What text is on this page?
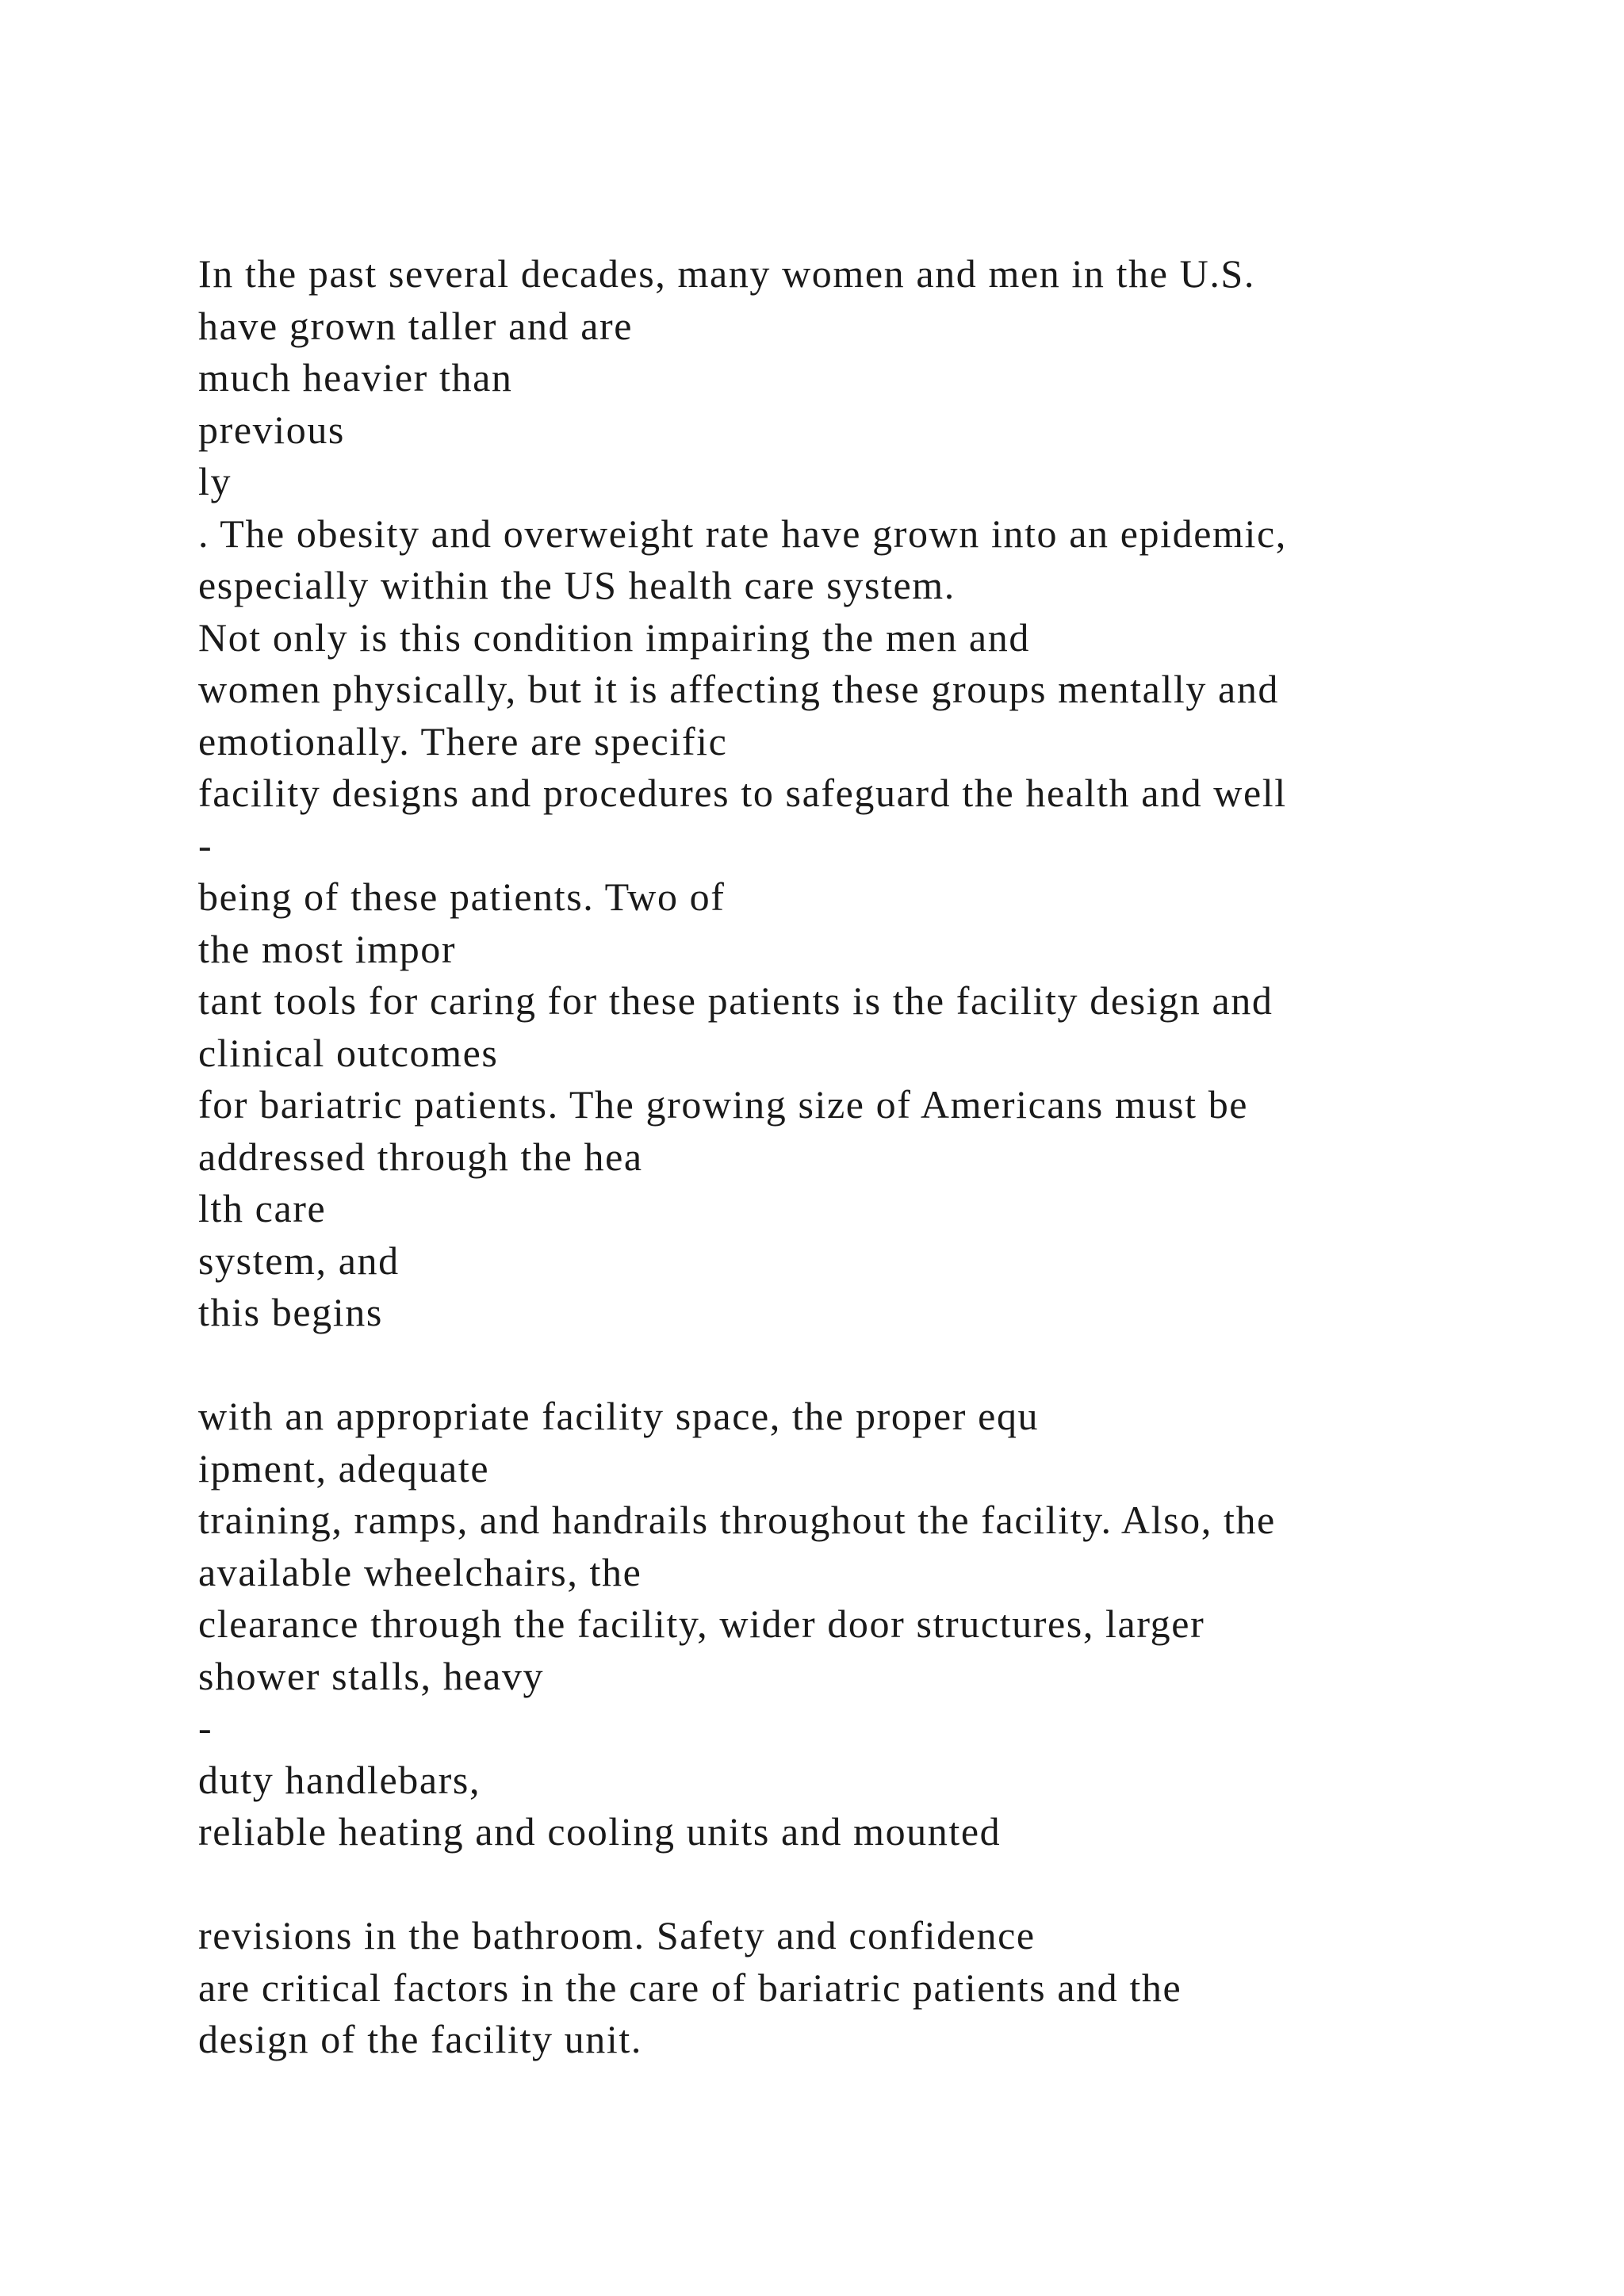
In the past several decades, many women and men in the U.S.
have grown taller and are
much heavier than
previous
ly
. The obesity and overweight rate have grown into an epidemic,
especially within the US health care system.
Not only is this condition impairing the men and
women physically, but it is affecting these groups mentally and
emotionally. There are specific
facility designs and procedures to safeguard the health and well
-
being of these patients. Two of
the most impor
tant tools for caring for these patients is the facility design and
clinical outcomes
for bariatric patients. The growing size of Americans must be
addressed through the hea
lth care
system, and
this begins
with an appropriate facility space, the proper equ
ipment, adequate
training, ramps, and handrails throughout the facility. Also, the
available wheelchairs, the
clearance through the facility, wider door structures, larger
shower stalls, heavy
-
duty handlebars,
reliable heating and cooling units and mounted
revisions in the bathroom. Safety and confidence
are critical factors in the care of bariatric patients and the
design of the facility unit.
